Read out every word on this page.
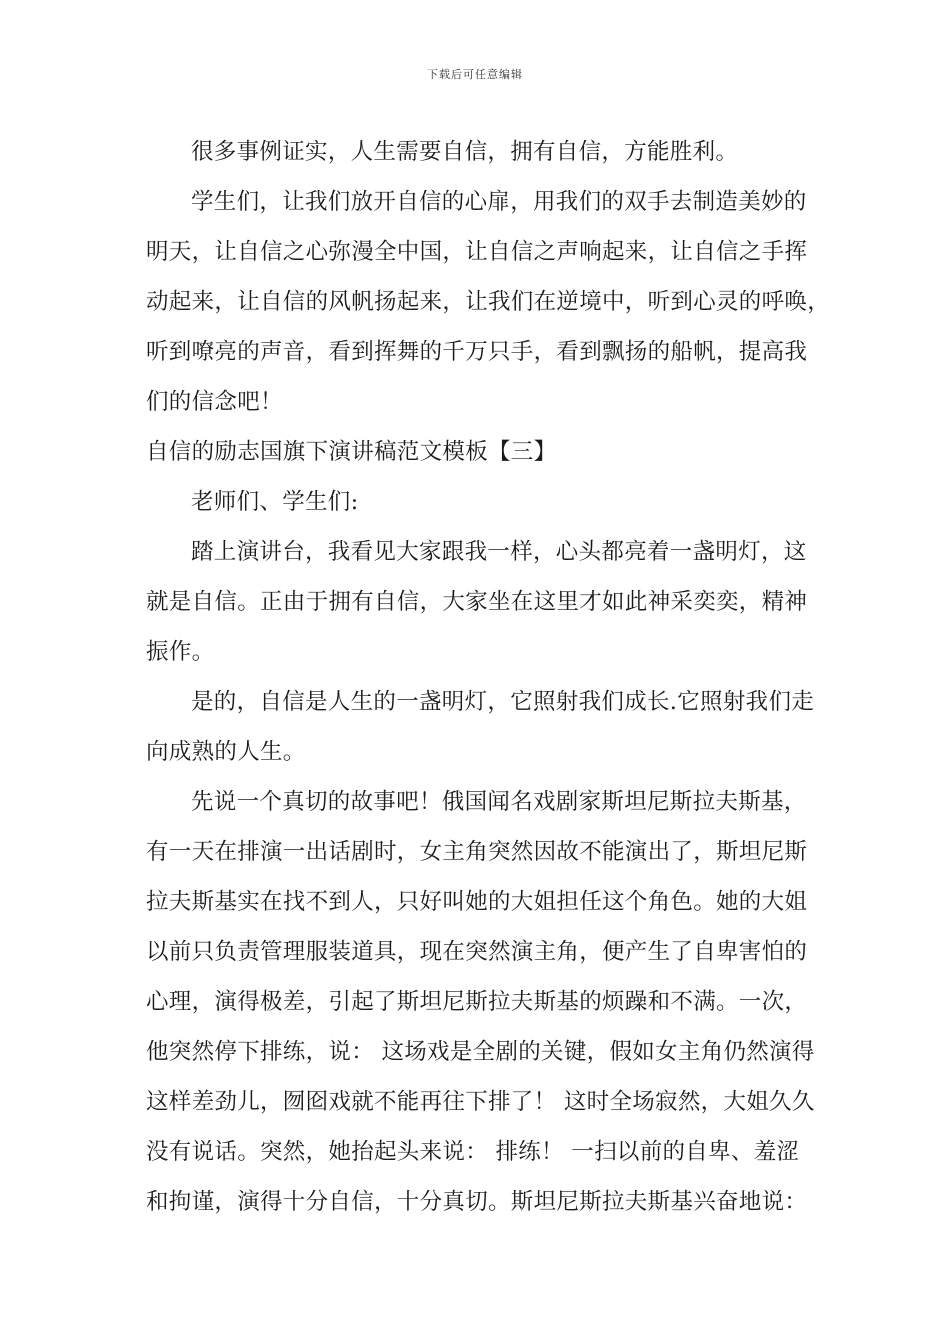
下载后可任意编辑
很多事例证实，人生需要自信，拥有自信，方能胜利。
学生们，让我们放开自信的心扉，用我们的双手去制造美妙的
明天，让自信之心弥漫全中国，让自信之声响起来，让自信之手挥
动起来，让自信的风帆扬起来，让我们在逆境中，听到心灵的呼唤，
听到嘹亮的声音，看到挥舞的千万只手，看到飘扬的船帆，提高我
们的信念吧！
自信的励志国旗下演讲稿范文模板【三】
老师们、学生们:
踏上演讲台，我看见大家跟我一样，心头都亮着一盏明灯，这
就是自信。正由于拥有自信，大家坐在这里才如此神采奕奕，精神
振作。
是的，自信是人生的一盏明灯，它照射我们成长.它照射我们走
向成熟的人生。
先说一个真切的故事吧！俄国闻名戏剧家斯坦尼斯拉夫斯基，
有一天在排演一出话剧时，女主角突然因故不能演出了，斯坦尼斯
拉夫斯基实在找不到人，只好叫她的大姐担任这个角色。她的大姐
以前只负责管理服装道具，现在突然演主角，便产生了自卑害怕的
心理，演得极差，引起了斯坦尼斯拉夫斯基的烦躁和不满。一次，
他突然停下排练，说： 这场戏是全剧的关键，假如女主角仍然演得
这样差劲儿，囫囵戏就不能再往下排了！ 这时全场寂然，大姐久久
没有说话。突然，她抬起头来说： 排练！ 一扫以前的自卑、羞涩
和拘谨，演得十分自信，十分真切。斯坦尼斯拉夫斯基兴奋地说：
